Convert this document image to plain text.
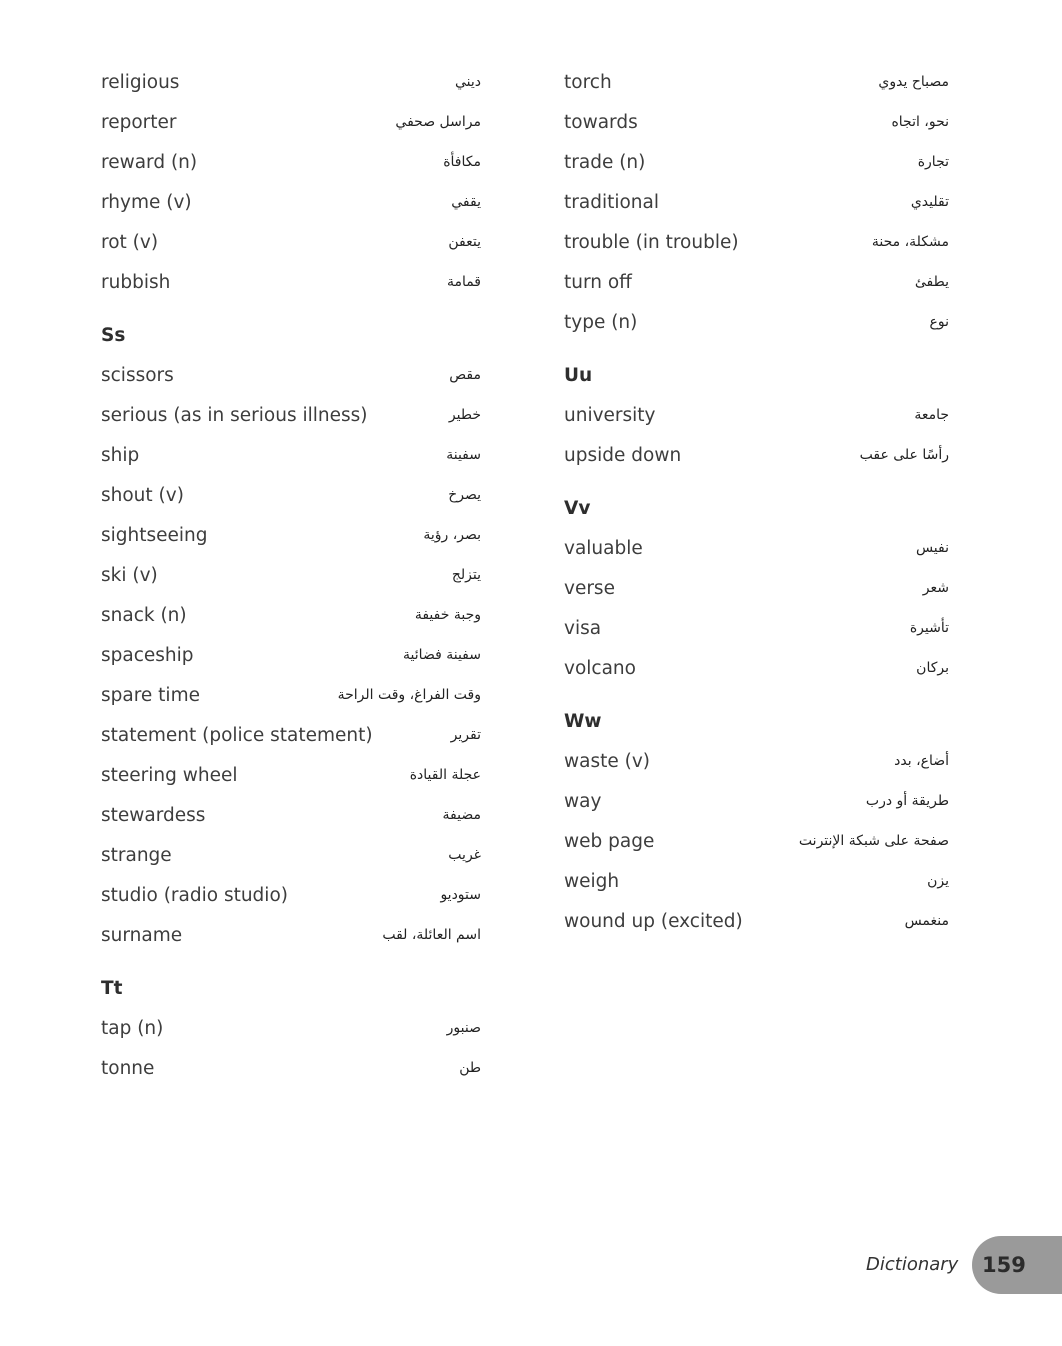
religious	ديني
reporter	مراسل صحفي
reward (n)	مكافأة
rhyme (v)	يقفي
rot (v)	يتعفن
rubbish	قمامة
Ss
scissors	مقص
serious (as in serious illness)	خطير
ship	سفينة
shout (v)	يصرخ
sightseeing	بصر، رؤية
ski (v)	يتزلج
snack (n)	وجبة خفيفة
spaceship	سفينة فضائية
spare time	وقت الفراغ، وقت الراحة
statement (police statement)	تقرير
steering wheel	عجلة القيادة
stewardess	مضيفة
strange	غريب
studio (radio studio)	ستوديو
surname	اسم العائلة، لقب
Tt
tap (n)	صنبور
tonne	طن
torch	مصباح يدوي
towards	نحو، اتجاه
trade (n)	تجارة
traditional	تقليدي
trouble (in trouble)	مشكلة، محنة
turn off	يطفئ
type (n)	نوع
Uu
university	جامعة
upside down	رأسًا على عقب
Vv
valuable	نفيس
verse	شعر
visa	تأشيرة
volcano	بركان
Ww
waste (v)	أضاع، بدد
way	طريقة أو درب
web page	صفحة على شبكة الإنترنت
weigh	يزن
wound up (excited)	منغمس
Dictionary 159
